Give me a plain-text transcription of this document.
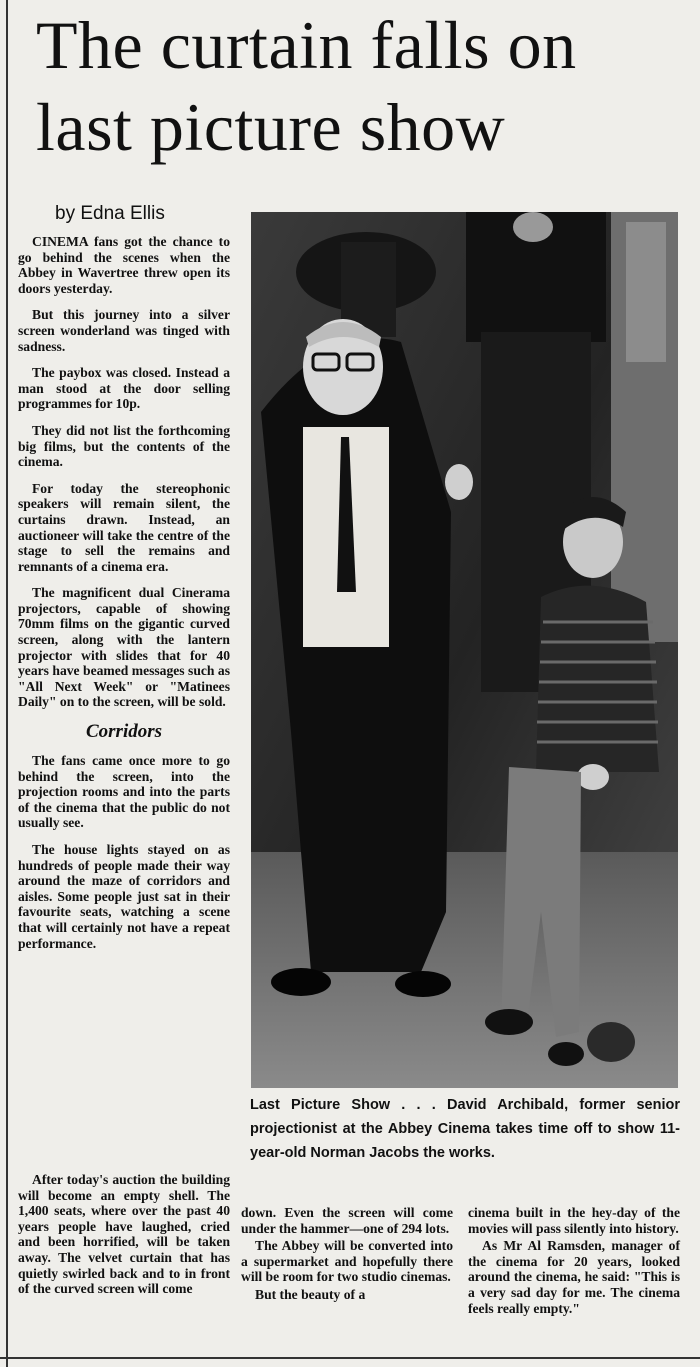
The curtain falls on last picture show
by Edna Ellis

CINEMA fans got the chance to go behind the scenes when the Abbey in Wavertree threw open its doors yesterday.

But this journey into a silver screen wonderland was tinged with sadness.

The paybox was closed. Instead a man stood at the door selling programmes for 10p.

They did not list the forthcoming big films, but the contents of the cinema.

For today the stereophonic speakers will remain silent, the curtains drawn. Instead, an auctioneer will take the centre of the stage to sell the remains and remnants of a cinema era.

The magnificent dual Cinerama projectors, capable of showing 70mm films on the gigantic curved screen, along with the lantern projector with slides that for 40 years have beamed messages such as "All Next Week" or "Matinees Daily" on to the screen, will be sold.

Corridors

The fans came once more to go behind the screen, into the projection rooms and into the parts of the cinema that the public do not usually see.

The house lights stayed on as hundreds of people made their way around the maze of corridors and aisles. Some people just sat in their favourite seats, watching a scene that will certainly not have a repeat performance.

Last Picture Show . . . David Archibald, former senior projectionist at the Abbey Cinema takes time off to show 11-year-old Norman Jacobs the works.

After today's auction the building will become an empty shell. The 1,400 seats, where over the past 40 years people have laughed, cried and been horrified, will be taken away. The velvet curtain that has quietly swirled back and to in front of the curved screen will come

down. Even the screen will come under the hammer—one of 294 lots.

The Abbey will be converted into a supermarket and hopefully there will be room for two studio cinemas.

But the beauty of a

cinema built in the hey-day of the movies will pass silently into history.

As Mr Al Ramsden, manager of the cinema for 20 years, looked around the cinema, he said: "This is a very sad day for me. The cinema feels really empty."
